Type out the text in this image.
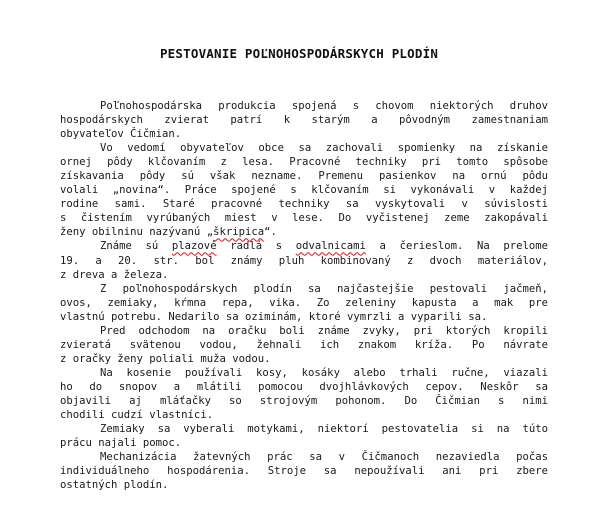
PESTOVANIE POĽNOHOSPODÁRSKYCH PLODÍN
Poľnohospodárska produkcia spojená s chovom niektorých druhov
hospodárskych zvierat patrí k starým a pôvodným zamestnaniam
obyvateľov Čičmian.
Vo vedomí obyvateľov obce sa zachovali spomienky na získanie
ornej pôdy klčovaním z lesa. Pracovné techniky pri tomto spôsobe
získavania pôdy sú však nezname. Premenu pasienkov na ornú pôdu
volali „novina“. Práce spojené s klčovaním si vykonávali v každej
rodine sami. Staré pracovné techniky sa vyskytovali v súvislosti
s čistením vyrúbaných miest v lese. Do vyčistenej zeme zakopávali
ženy obilninu nazývanú „škripica“.
Známe sú plazové radlá s odvalnicami a čerieslom. Na prelome
19. a 20. str. bol známy pluh kombinovaný z dvoch materiálov,
z dreva a železa.
Z poľnohospodárskych plodín sa najčastejšie pestovali jačmeň,
ovos, zemiaky, kŕmna repa, vika. Zo zeleniny kapusta a mak pre
vlastnú potrebu. Nedarilo sa oziminám, ktoré vymrzli a vyparili sa.
Pred odchodom na oračku boli známe zvyky, pri ktorých kropili
zvieratá svätenou vodou, žehnali ich znakom kríža. Po návrate
z oračky ženy poliali muža vodou.
Na kosenie používali kosy, kosáky alebo trhali ručne, viazali
ho do snopov a mlátili pomocou dvojhlávkových cepov. Neskôr sa
objavili aj mláťačky so strojovým pohonom. Do Čičmian s nimi
chodili cudzí vlastníci.
Zemiaky sa vyberali motykami, niektorí pestovatelia si na túto
prácu najali pomoc.
Mechanizácia žatevných prác sa v Čičmanoch nezaviedla počas
individuálneho hospodárenia. Stroje sa nepoužívali ani pri zbere
ostatných plodín.
